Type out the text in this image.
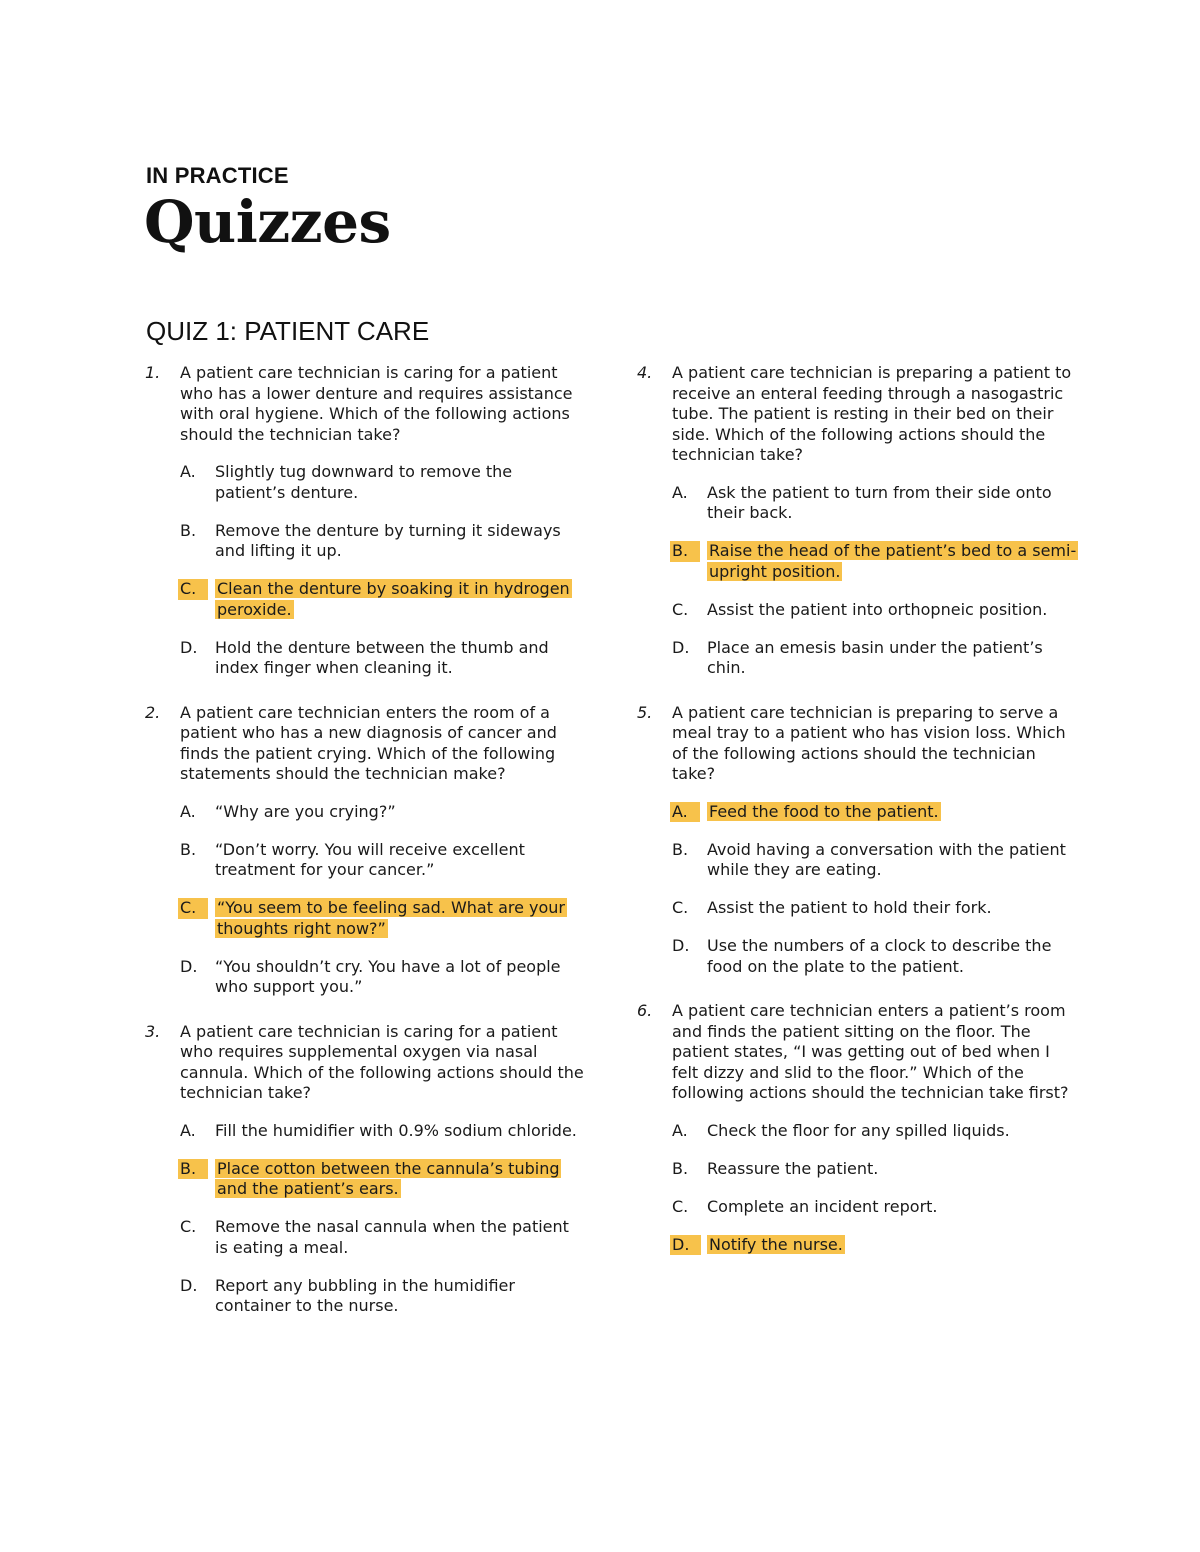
IN PRACTICE
Quizzes
QUIZ 1: PATIENT CARE
1. A patient care technician is caring for a patient who has a lower denture and requires assistance with oral hygiene. Which of the following actions should the technician take?
A. Slightly tug downward to remove the patient’s denture.
B. Remove the denture by turning it sideways and lifting it up.
C.	Clean the denture by soaking it in hydrogen peroxide.
D. Hold the denture between the thumb and index finger when cleaning it.
2. A patient care technician enters the room of a patient who has a new diagnosis of cancer and finds the patient crying. Which of the following statements should the technician make?
A. “Why are you crying?”
B. “Don’t worry. You will receive excellent treatment for your cancer.”
C.	“You seem to be feeling sad. What are your thoughts right now?”
D. “You shouldn’t cry. You have a lot of people who support you.”
3. A patient care technician is caring for a patient who requires supplemental oxygen via nasal cannula. Which of the following actions should the technician take?
A. Fill the humidifier with 0.9% sodium chloride.
B.	Place cotton between the cannula’s tubing and the patient’s ears.
C. Remove the nasal cannula when the patient is eating a meal.
D. Report any bubbling in the humidifier container to the nurse.
4. A patient care technician is preparing a patient to receive an enteral feeding through a nasogastric tube. The patient is resting in their bed on their side. Which of the following actions should the technician take?
A. Ask the patient to turn from their side onto their back.
B.	Raise the head of the patient’s bed to a semi-upright position.
C. Assist the patient into orthopneic position.
D. Place an emesis basin under the patient’s chin.
5. A patient care technician is preparing to serve a meal tray to a patient who has vision loss. Which of the following actions should the technician take?
A.	Feed the food to the patient.
B. Avoid having a conversation with the patient while they are eating.
C. Assist the patient to hold their fork.
D. Use the numbers of a clock to describe the food on the plate to the patient.
6. A patient care technician enters a patient’s room and finds the patient sitting on the floor. The patient states, “I was getting out of bed when I felt dizzy and slid to the floor.” Which of the following actions should the technician take first?
A. Check the floor for any spilled liquids.
B. Reassure the patient.
C. Complete an incident report.
D.	Notify the nurse.
